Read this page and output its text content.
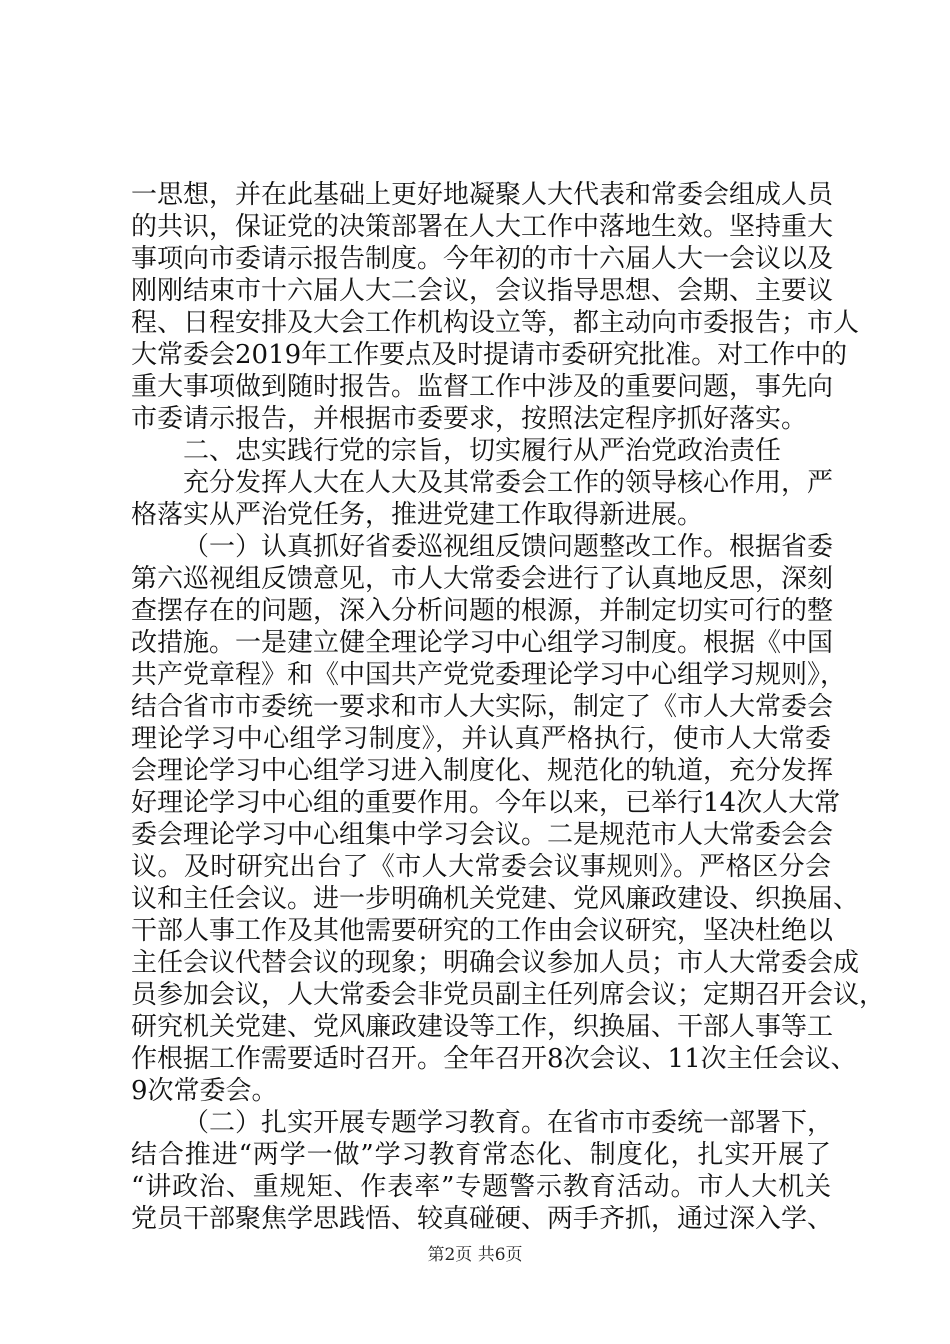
一思想，并在此基础上更好地凝聚人大代表和常委会组成人员
的共识，保证党的决策部署在人大工作中落地生效。坚持重大
事项向市委请示报告制度。今年初的市十六届人大一会议以及
刚刚结束市十六届人大二会议，会议指导思想、会期、主要议
程、日程安排及大会工作机构设立等，都主动向市委报告；市人
大常委会2019年工作要点及时提请市委研究批准。对工作中的
重大事项做到随时报告。监督工作中涉及的重要问题，事先向
市委请示报告，并根据市委要求，按照法定程序抓好落实。
二、忠实践行党的宗旨，切实履行从严治党政治责任
充分发挥人大在人大及其常委会工作的领导核心作用，严
格落实从严治党任务，推进党建工作取得新进展。
（一）认真抓好省委巡视组反馈问题整改工作。根据省委
第六巡视组反馈意见，市人大常委会进行了认真地反思，深刻
查摆存在的问题，深入分析问题的根源，并制定切实可行的整
改措施。一是建立健全理论学习中心组学习制度。根据《中国
共产党章程》和《中国共产党党委理论学习中心组学习规则》，
结合省市市委统一要求和市人大实际，制定了《市人大常委会
理论学习中心组学习制度》，并认真严格执行，使市人大常委
会理论学习中心组学习进入制度化、规范化的轨道，充分发挥
好理论学习中心组的重要作用。今年以来，已举行14次人大常
委会理论学习中心组集中学习会议。二是规范市人大常委会会
议。及时研究出台了《市人大常委会议事规则》。严格区分会
议和主任会议。进一步明确机关党建、党风廉政建设、织换届、
干部人事工作及其他需要研究的工作由会议研究，坚决杜绝以
主任会议代替会议的现象；明确会议参加人员；市人大常委会成
员参加会议，人大常委会非党员副主任列席会议；定期召开会议，
研究机关党建、党风廉政建设等工作，织换届、干部人事等工
作根据工作需要适时召开。全年召开8次会议、11次主任会议、
9次常委会。
（二）扎实开展专题学习教育。在省市市委统一部署下，
结合推进“两学一做”学习教育常态化、制度化，扎实开展了
“讲政治、重规矩、作表率”专题警示教育活动。市人大机关
党员干部聚焦学思践悟、较真碰硬、两手齐抓，通过深入学、
第2页 共6页
